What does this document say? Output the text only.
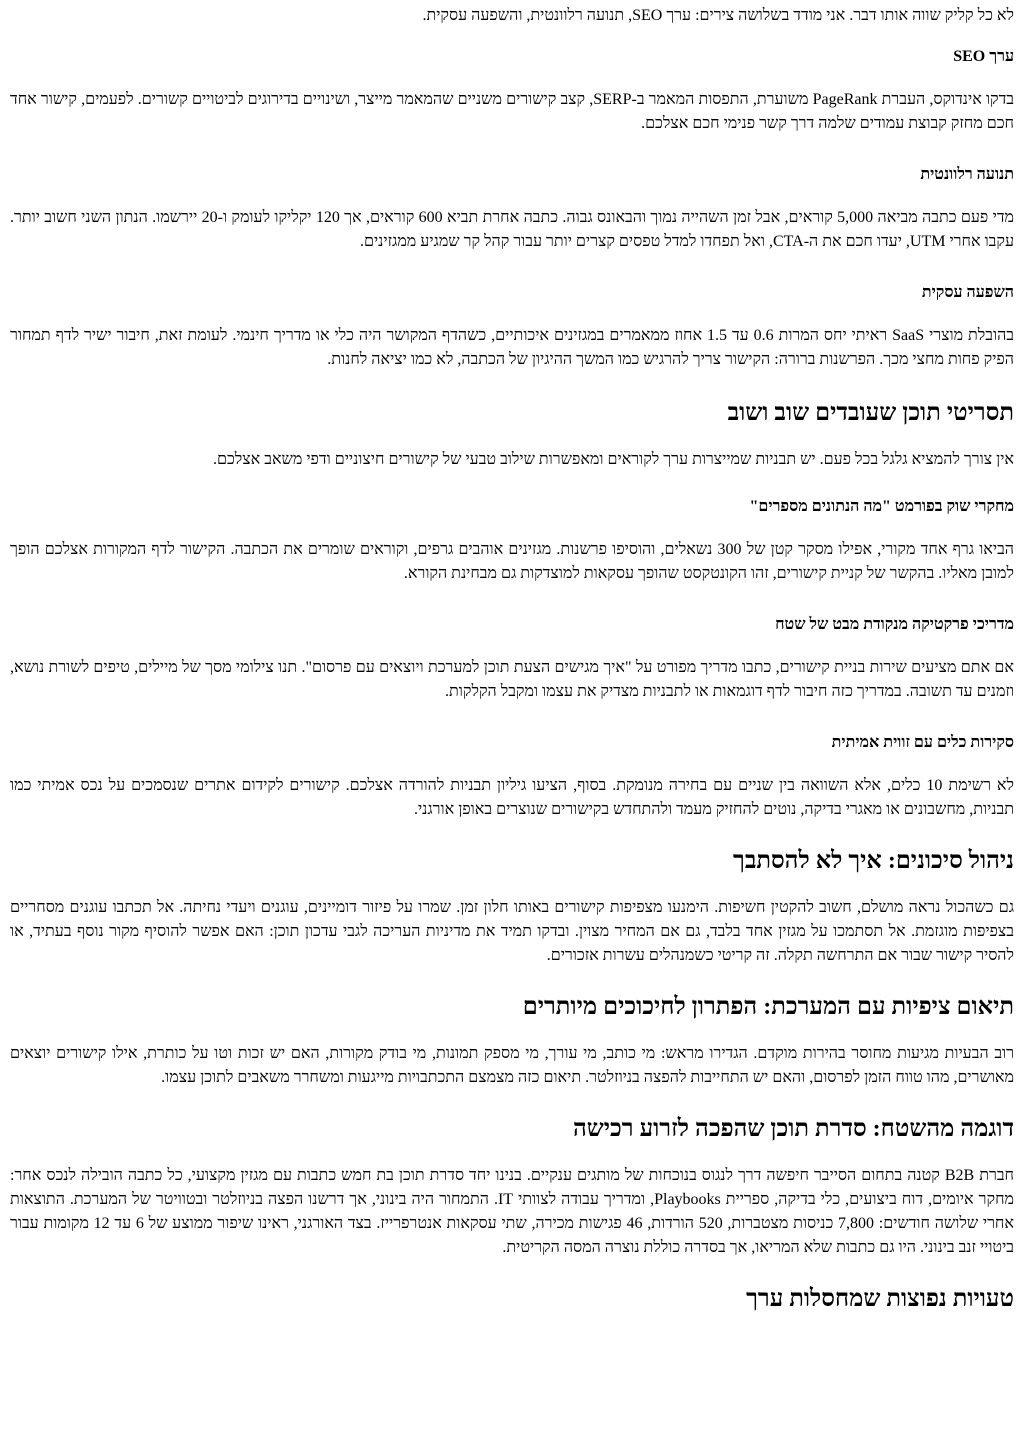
לא כל קליק שווה אותו דבר. אני מודד בשלושה צירים: ערך SEO, תנועה רלוונטית, והשפעה עסקית.

ערך SEO

בדקו אינדוקס, העברת PageRank משוערת, התפסות המאמר ב-SERP, קצב קישורים משניים שהמאמר מייצר, ושינויים בדירוגים לביטויים קשורים. לפעמים, קישור אחד חכם מחזק קבוצת עמודים שלמה דרך קשר פנימי חכם אצלכם.

תנועה רלוונטית

מדי פעם כתבה מביאה 5,000 קוראים, אבל זמן השהייה נמוך והבאונס גבוה. כתבה אחרת תביא 600 קוראים, אך 120 יקליקו לעומק ו-20 יירשמו. הנתון השני חשוב יותר. עקבו אחרי UTM, יעדו חכם את ה-CTA, ואל תפחדו למדל טפסים קצרים יותר עבור קהל קר שמגיע ממגזינים.

השפעה עסקית

בהובלת מוצרי SaaS ראיתי יחס המרות 0.6 עד 1.5 אחוז ממאמרים במגזינים איכותיים, כשהדף המקושר היה כלי או מדריך חינמי. לעומת זאת, חיבור ישיר לדף תמחור הפיק פחות מחצי מכך. הפרשנות ברורה: הקישור צריך להרגיש כמו המשך ההיגיון של הכתבה, לא כמו יציאה לחנות.

תסריטי תוכן שעובדים שוב ושוב

אין צורך להמציא גלגל בכל פעם. יש תבניות שמייצרות ערך לקוראים ומאפשרות שילוב טבעי של קישורים חיצוניים ודפי משאב אצלכם.

מחקרי שוק בפורמט "מה הנתונים מספרים"

הביאו גרף אחד מקורי, אפילו מסקר קטן של 300 נשאלים, והוסיפו פרשנות. מגזינים אוהבים גרפים, וקוראים שומרים את הכתבה. הקישור לדף המקורות אצלכם הופך למובן מאליו. בהקשר של קניית קישורים, זהו הקונטקסט שהופך עסקאות למוצדקות גם מבחינת הקורא.

מדריכי פרקטיקה מנקודת מבט של שטח

אם אתם מציעים שירות בניית קישורים, כתבו מדריך מפורט על "איך מגישים הצעת תוכן למערכת ויוצאים עם פרסום". תנו צילומי מסך של מיילים, טיפים לשורת נושא, וזמנים עד תשובה. במדריך כזה חיבור לדף דוגמאות או לתבניות מצדיק את עצמו ומקבל הקלקות.

סקירות כלים עם זווית אמיתית

לא רשימת 10 כלים, אלא השוואה בין שניים עם בחירה מנומקת. בסוף, הציעו גיליון תבניות להורדה אצלכם. קישורים לקידום אתרים שנסמכים על נכס אמיתי כמו תבניות, מחשבונים או מאגרי בדיקה, נוטים להחזיק מעמד ולהתחדש בקישורים שנוצרים באופן אורגני.

ניהול סיכונים: איך לא להסתבך

גם כשהכול נראה מושלם, חשוב להקטין חשיפות. הימנעו מצפיפות קישורים באותו חלון זמן. שמרו על פיזור דומיינים, עוגנים ויעדי נחיתה. אל תכתבו עוגנים מסחריים בצפיפות מוגזמת. אל תסתמכו על מגזין אחד בלבד, גם אם המחיר מצוין. ובדקו תמיד את מדיניות העריכה לגבי עדכון תוכן: האם אפשר להוסיף מקור נוסף בעתיד, או להסיר קישור שבור אם התרחשה תקלה. זה קריטי כשמנהלים עשרות אזכורים.

תיאום ציפיות עם המערכת: הפתרון לחיכוכים מיותרים

רוב הבעיות מגיעות מחוסר בהירות מוקדם. הגדירו מראש: מי כותב, מי עורך, מי מספק תמונות, מי בודק מקורות, האם יש זכות וטו על כותרת, אילו קישורים יוצאים מאושרים, מהו טווח הזמן לפרסום, והאם יש התחייבות להפצה בניוזלטר. תיאום כזה מצמצם התכתבויות מייגעות ומשחרר משאבים לתוכן עצמו.

דוגמה מהשטח: סדרת תוכן שהפכה לזרוע רכישה

חברת B2B קטנה בתחום הסייבר חיפשה דרך לנגוס בנוכחות של מותגים ענקיים. בנינו יחד סדרת תוכן בת חמש כתבות עם מגזין מקצועי, כל כתבה הובילה לנכס אחר: מחקר איומים, דוח ביצועים, כלי בדיקה, ספריית Playbooks, ומדריך עבודה לצוותי IT. התמחור היה בינוני, אך דרשנו הפצה בניוזלטר ובטוויטר של המערכת. התוצאות אחרי שלושה חודשים: 7,800 כניסות מצטברות, 520 הורדות, 46 פגישות מכירה, שתי עסקאות אנטרפרייז. בצד האורגני, ראינו שיפור ממוצע של 6 עד 12 מקומות עבור ביטויי זנב בינוני. היו גם כתבות שלא המריאו, אך בסדרה כוללת נוצרה המסה הקריטית.

טעויות נפוצות שמחסלות ערך
